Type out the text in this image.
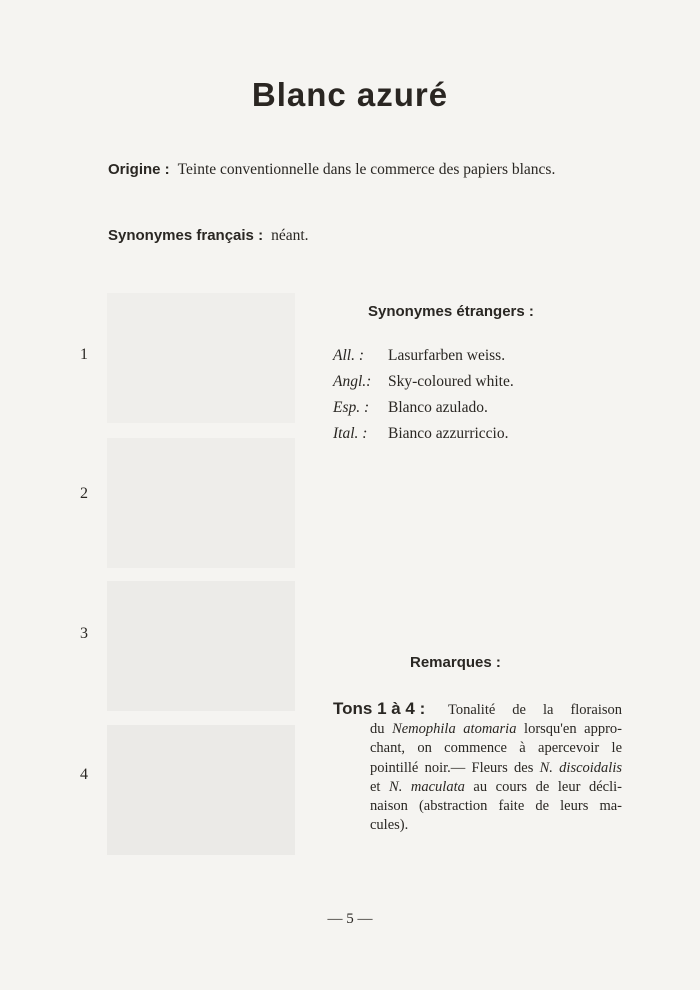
Blanc azuré
Origine : Teinte conventionnelle dans le commerce des papiers blancs.
Synonymes français : néant.
1
2
3
4
Synonymes étrangers :
All. : Lasurfarben weiss.
Angl.: Sky-coloured white.
Esp. : Blanco azulado.
Ital. : Bianco azzurriccio.
Remarques :
Tons 1 à 4 : Tonalité de la floraison
du Nemophila atomaria lorsqu'en appro-
chant, on commence à apercevoir le
pointillé noir.— Fleurs des N. discoidalis
et N. maculata au cours de leur décli-
naison (abstraction faite de leurs ma-
cules).
— 5 —
